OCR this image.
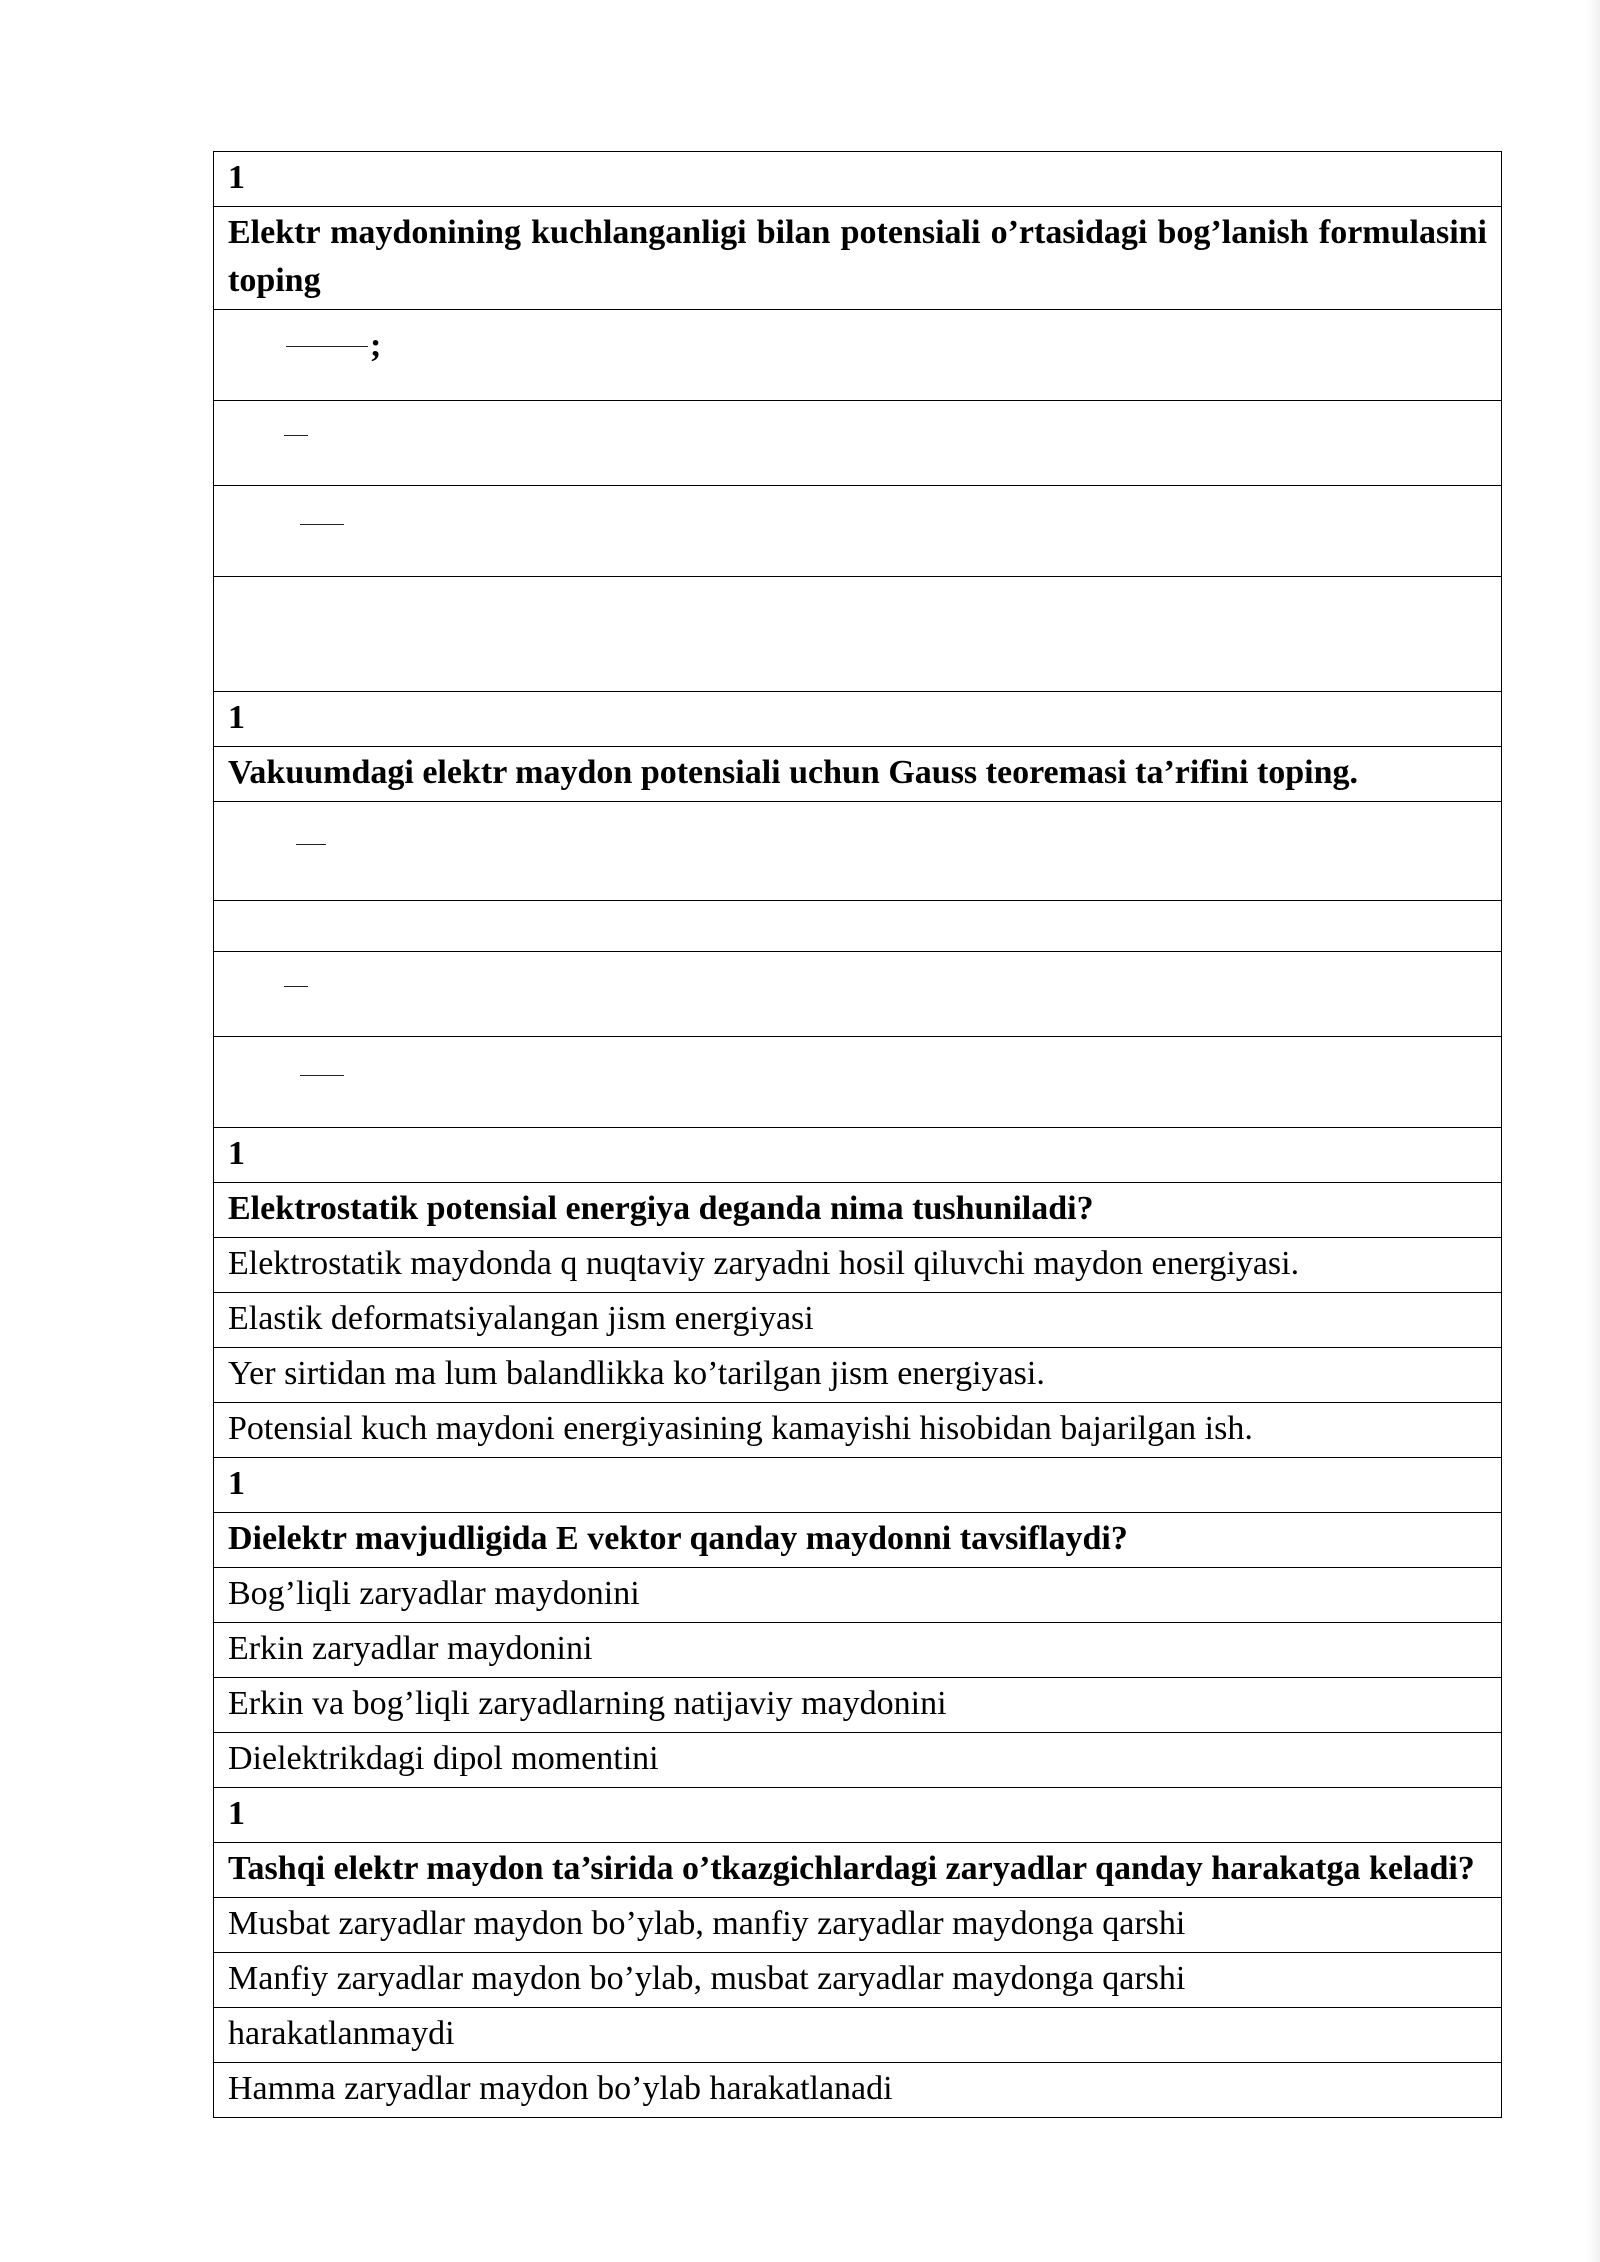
1
Elektr maydonining kuchlanganligi bilan potensiali o’rtasidagi bog’lanish formulasini toping

;

1
Vakuumdagi elektr maydon potensiali uchun Gauss teoremasi ta’rifini toping.

1
Elektrostatik potensial energiya deganda nima tushuniladi?
Elektrostatik maydonda q nuqtaviy zaryadni hosil qiluvchi maydon energiyasi.
Elastik deformatsiyalangan jism energiyasi
Yer sirtidan ma lum balandlikka ko’tarilgan jism energiyasi.
Potensial kuch maydoni energiyasining kamayishi hisobidan bajarilgan ish.
1
Dielektr mavjudligida E vektor qanday maydonni tavsiflaydi?
Bog’liqli zaryadlar maydonini
Erkin zaryadlar maydonini
Erkin va bog’liqli zaryadlarning natijaviy maydonini
Dielektrikdagi dipol momentini
1
Tashqi elektr maydon ta’sirida o’tkazgichlardagi zaryadlar qanday harakatga keladi?
Musbat zaryadlar maydon bo’ylab, manfiy zaryadlar maydonga qarshi
Manfiy zaryadlar maydon bo’ylab, musbat zaryadlar maydonga qarshi
harakatlanmaydi
Hamma zaryadlar maydon bo’ylab harakatlanadi
